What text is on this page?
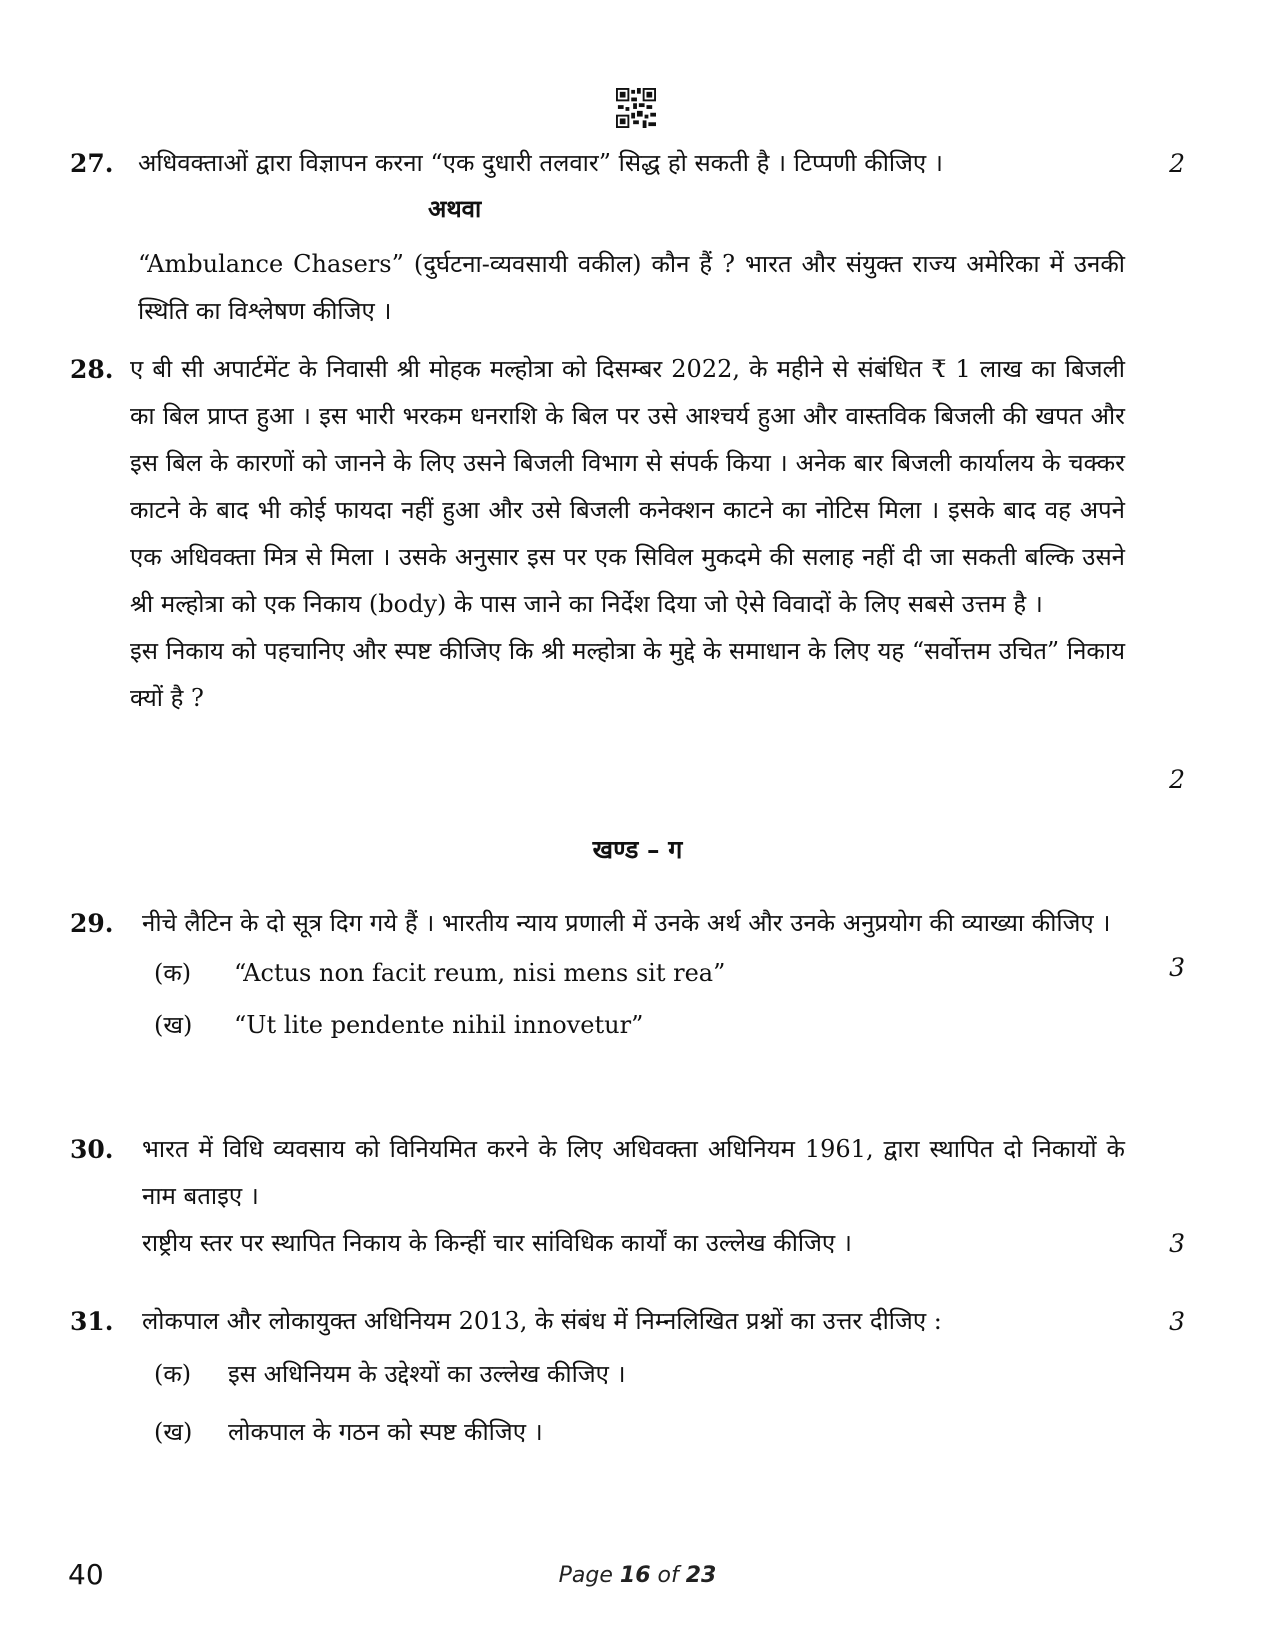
27.	2
अधिवक्ताओं द्वारा विज्ञापन करना “एक दुधारी तलवार” सिद्ध हो सकती है । टिप्पणी कीजिए ।
अथवा
“Ambulance Chasers” (दुर्घटना-व्यवसायी वकील) कौन हैं ? भारत और संयुक्त राज्य अमेरिका में उनकी स्थिति का विश्लेषण कीजिए ।
28.
2
ए बी सी अपार्टमेंट के निवासी श्री मोहक मल्होत्रा को दिसम्बर 2022, के महीने से संबंधित ₹ 1 लाख का बिजली का बिल प्राप्त हुआ । इस भारी भरकम धनराशि के बिल पर उसे आश्चर्य हुआ और वास्तविक बिजली की खपत और इस बिल के कारणों को जानने के लिए उसने बिजली विभाग से संपर्क किया । अनेक बार बिजली कार्यालय के चक्कर काटने के बाद भी कोई फायदा नहीं हुआ और उसे बिजली कनेक्शन काटने का नोटिस मिला । इसके बाद वह अपने एक अधिवक्ता मित्र से मिला । उसके अनुसार इस पर एक सिविल मुकदमे की सलाह नहीं दी जा सकती बल्कि उसने श्री मल्होत्रा को एक निकाय (body) के पास जाने का निर्देश दिया जो ऐसे विवादों के लिए सबसे उत्तम है ।
इस निकाय को पहचानिए और स्पष्ट कीजिए कि श्री मल्होत्रा के मुद्दे के समाधान के लिए यह “सर्वोत्तम उचित” निकाय क्यों है ?
खण्ड – ग
29.
3
नीचे लैटिन के दो सूत्र दिग गये हैं । भारतीय न्याय प्रणाली में उनके अर्थ और उनके अनुप्रयोग की व्याख्या कीजिए ।
(क)	“Actus non facit reum, nisi mens sit rea”
(ख)	“Ut lite pendente nihil innovetur”
30.
3
भारत में विधि व्यवसाय को विनियमित करने के लिए अधिवक्ता अधिनियम 1961, द्वारा स्थापित दो निकायों के नाम बताइए ।
राष्ट्रीय स्तर पर स्थापित निकाय के किन्हीं चार सांविधिक कार्यों का उल्लेख कीजिए ।
31.	3
लोकपाल और लोकायुक्त अधिनियम 2013, के संबंध में निम्नलिखित प्रश्नों का उत्तर दीजिए :
(क)	इस अधिनियम के उद्देश्यों का उल्लेख कीजिए ।
(ख)	लोकपाल के गठन को स्पष्ट कीजिए ।
40	Page 16 of 23
